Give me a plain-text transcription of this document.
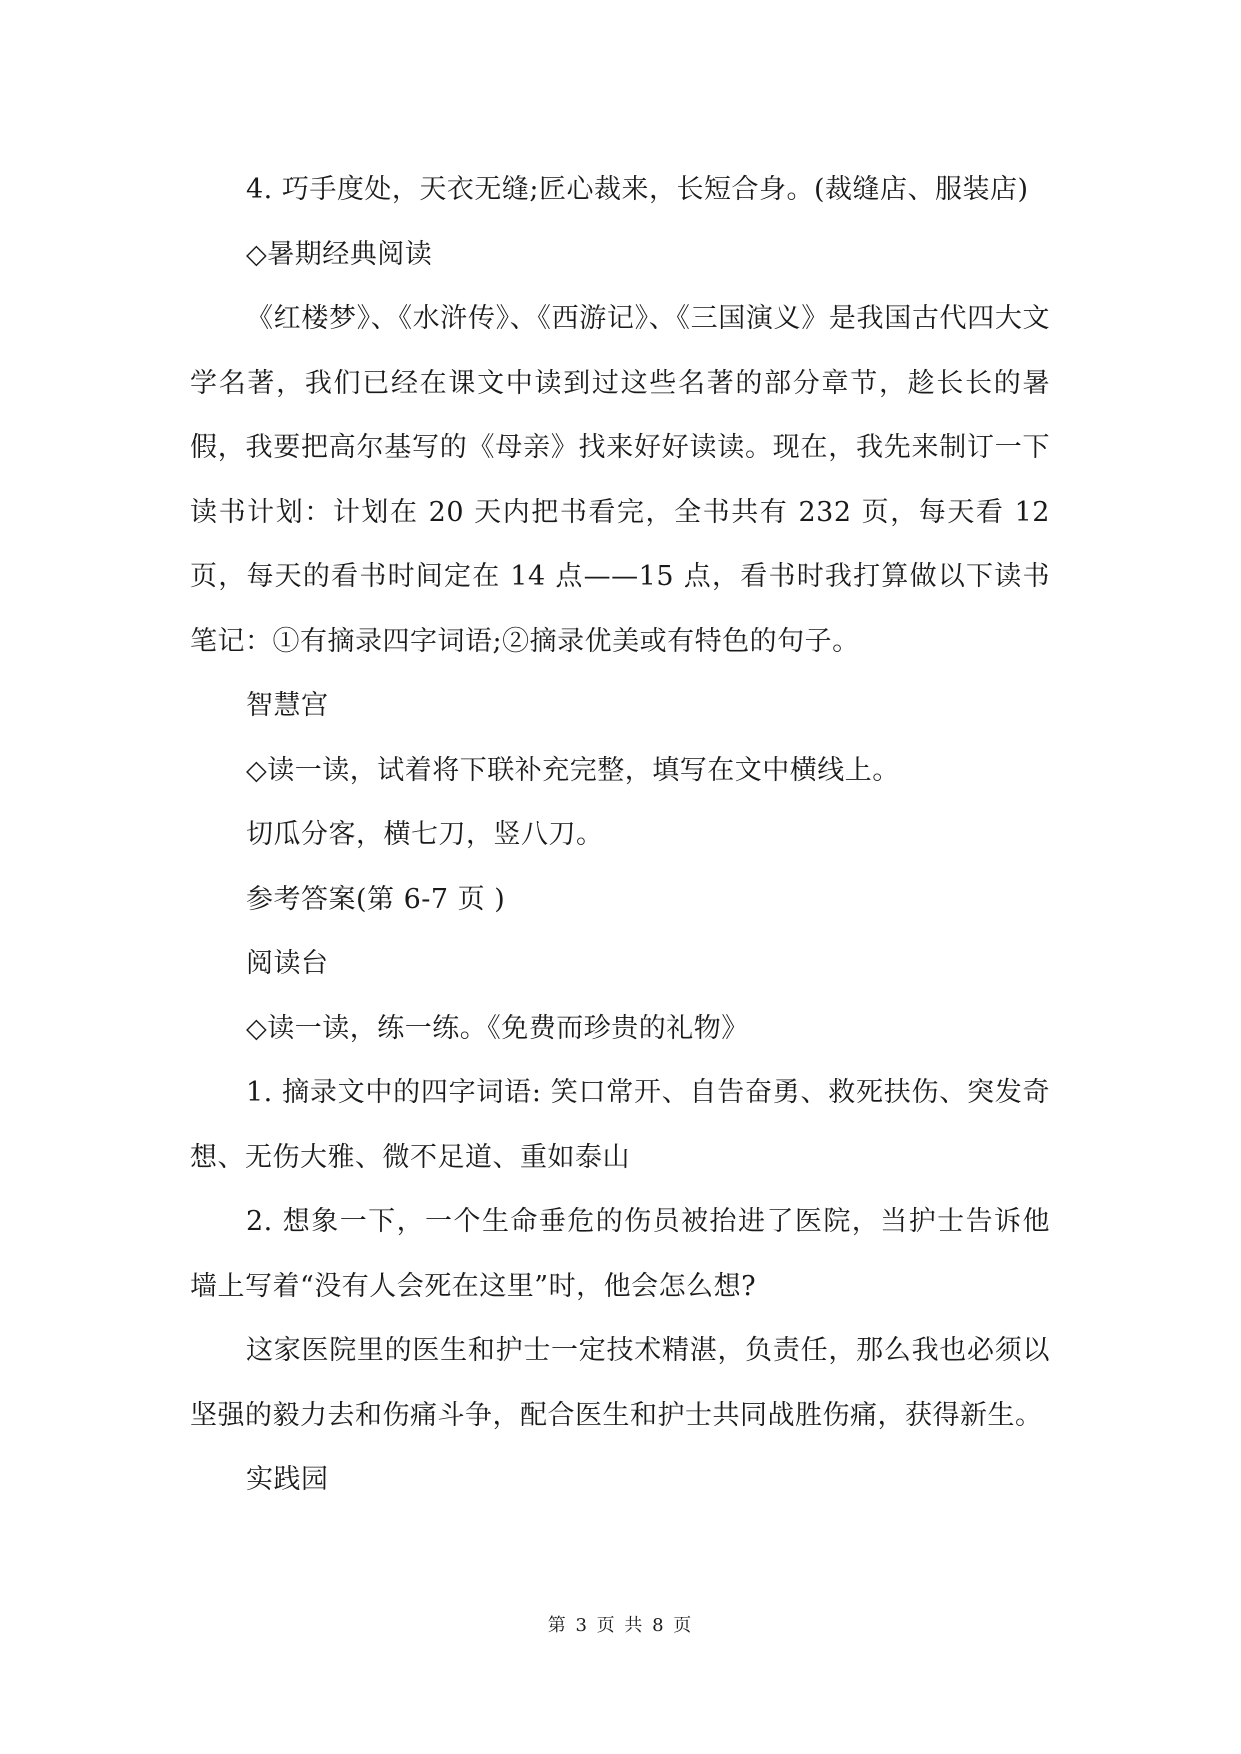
4. 巧手度处，天衣无缝;匠心裁来，长短合身。(裁缝店、服装店)

◇暑期经典阅读

《红楼梦》、《水浒传》、《西游记》、《三国演义》是我国古代四大文学名著，我们已经在课文中读到过这些名著的部分章节，趁长长的暑假，我要把高尔基写的《母亲》找来好好读读。现在，我先来制订一下读书计划：计划在 20 天内把书看完，全书共有 232 页，每天看 12 页，每天的看书时间定在 14 点——15 点，看书时我打算做以下读书笔记：①有摘录四字词语;②摘录优美或有特色的句子。

智慧宫

◇读一读，试着将下联补充完整，填写在文中横线上。

切瓜分客，横七刀，竖八刀。

参考答案(第 6-7 页 )

阅读台

◇读一读，练一练。《免费而珍贵的礼物》

1. 摘录文中的四字词语: 笑口常开、自告奋勇、救死扶伤、突发奇想、无伤大雅、微不足道、重如泰山

2. 想象一下，一个生命垂危的伤员被抬进了医院，当护士告诉他墙上写着“没有人会死在这里”时，他会怎么想?

这家医院里的医生和护士一定技术精湛，负责任，那么我也必须以坚强的毅力去和伤痛斗争，配合医生和护士共同战胜伤痛，获得新生。

实践园

第 3 页 共 8 页
